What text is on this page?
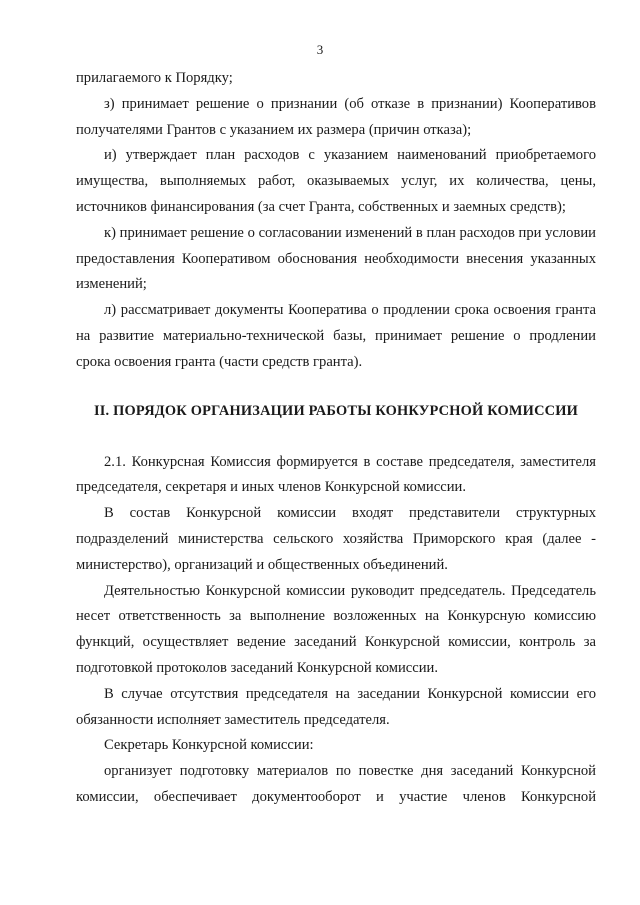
3

прилагаемого к Порядку;

з) принимает решение о признании (об отказе в признании) Кооперативов получателями Грантов с указанием их размера (причин отказа);

и) утверждает план расходов с указанием наименований приобретаемого имущества, выполняемых работ, оказываемых услуг, их количества, цены, источников финансирования (за счет Гранта, собственных и заемных средств);

к) принимает решение о согласовании изменений в план расходов при условии предоставления Кооперативом обоснования необходимости внесения указанных изменений;

л) рассматривает документы Кооператива о продлении срока освоения гранта на развитие материально-технической базы, принимает решение о продлении срока освоения гранта (части средств гранта).

II. ПОРЯДОК ОРГАНИЗАЦИИ РАБОТЫ КОНКУРСНОЙ КОМИССИИ

2.1. Конкурсная Комиссия формируется в составе председателя, заместителя председателя, секретаря и иных членов Конкурсной комиссии.

В состав Конкурсной комиссии входят представители структурных подразделений министерства сельского хозяйства Приморского края (далее - министерство), организаций и общественных объединений.

Деятельностью Конкурсной комиссии руководит председатель. Председатель несет ответственность за выполнение возложенных на Конкурсную комиссию функций, осуществляет ведение заседаний Конкурсной комиссии, контроль за подготовкой протоколов заседаний Конкурсной комиссии.

В случае отсутствия председателя на заседании Конкурсной комиссии его обязанности исполняет заместитель председателя.

Секретарь Конкурсной комиссии:

организует подготовку материалов по повестке дня заседаний Конкурсной комиссии, обеспечивает документооборот и участие членов Конкурсной
